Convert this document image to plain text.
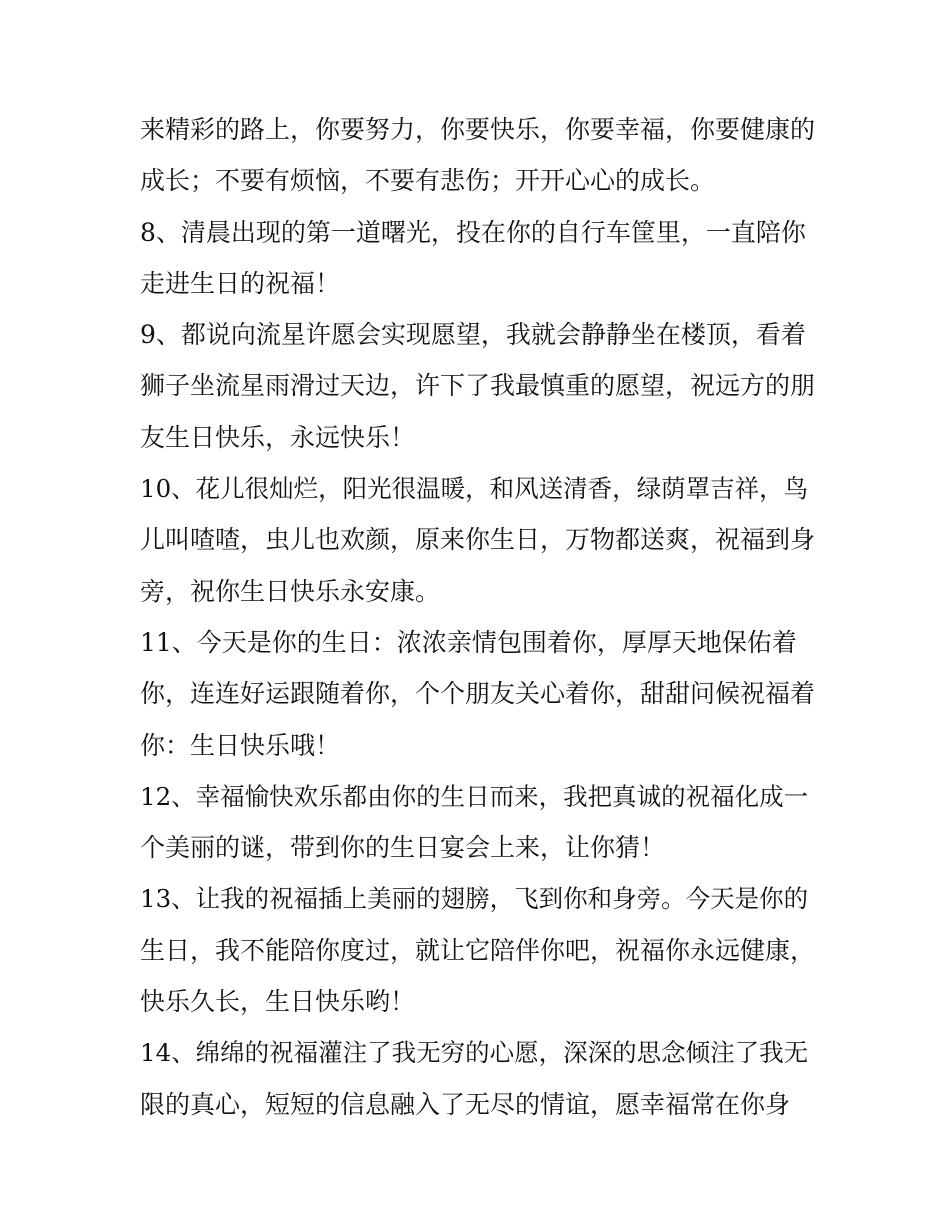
来精彩的路上，你要努力，你要快乐，你要幸福，你要健康的
成长；不要有烦恼，不要有悲伤；开开心心的成长。
8、清晨出现的第一道曙光，投在你的自行车筐里，一直陪你
走进生日的祝福！
9、都说向流星许愿会实现愿望，我就会静静坐在楼顶，看着
狮子坐流星雨滑过天边，许下了我最慎重的愿望，祝远方的朋
友生日快乐，永远快乐！
10、花儿很灿烂，阳光很温暖，和风送清香，绿荫罩吉祥，鸟
儿叫喳喳，虫儿也欢颜，原来你生日，万物都送爽，祝福到身
旁，祝你生日快乐永安康。
11、今天是你的生日：浓浓亲情包围着你，厚厚天地保佑着
你，连连好运跟随着你，个个朋友关心着你，甜甜问候祝福着
你：生日快乐哦！
12、幸福愉快欢乐都由你的生日而来，我把真诚的祝福化成一
个美丽的谜，带到你的生日宴会上来，让你猜！
13、让我的祝福插上美丽的翅膀，飞到你和身旁。今天是你的
生日，我不能陪你度过，就让它陪伴你吧，祝福你永远健康，
快乐久长，生日快乐哟！
14、绵绵的祝福灌注了我无穷的心愿，深深的思念倾注了我无
限的真心，短短的信息融入了无尽的情谊，愿幸福常在你身
